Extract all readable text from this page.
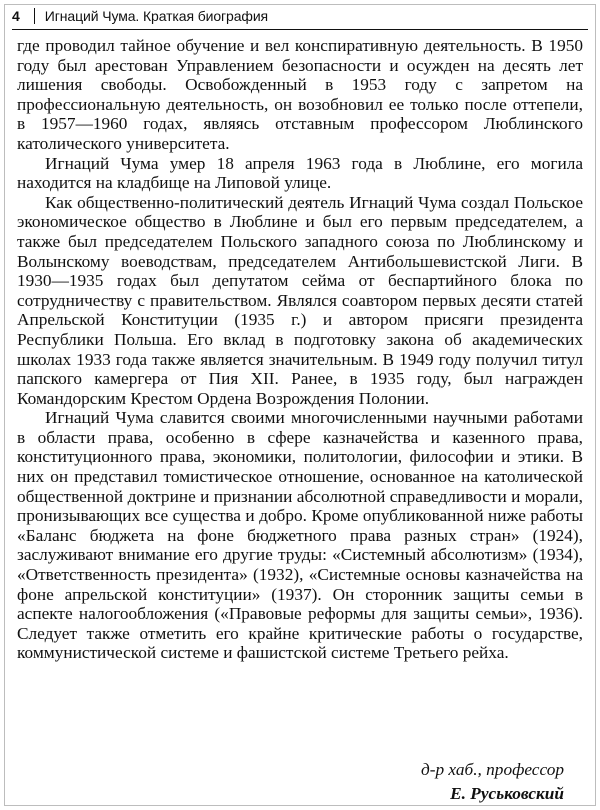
4 Игнаций Чума. Краткая биография

где проводил тайное обучение и вел конспиративную деятельность. В 1950 году был арестован Управлением безопасности и осужден на десять лет лишения свободы. Освобожденный в 1953 году с запретом на профессиональную деятельность, он возобновил ее только после оттепели, в 1957—1960 годах, являясь отставным профессором Люблинского католического университета.

Игнаций Чума умер 18 апреля 1963 года в Люблине, его могила находится на кладбище на Липовой улице.

Как общественно-политический деятель Игнаций Чума создал Польское экономическое общество в Люблине и был его первым председателем, а также был председателем Польского западного союза по Люблинскому и Волынскому воеводствам, председателем Антибольшевистской Лиги. В 1930—1935 годах был депутатом сейма от беспартийного блока по сотрудничеству с правительством. Являлся соавтором первых десяти статей Апрельской Конституции (1935 г.) и автором присяги президента Республики Польша. Его вклад в подготовку закона об академических школах 1933 года также является значительным. В 1949 году получил титул папского камергера от Пия XII. Ранее, в 1935 году, был награжден Командорским Крестом Ордена Возрождения Полонии.

Игнаций Чума славится своими многочисленными научными работами в области права, особенно в сфере казначейства и казенного права, конституционного права, экономики, политологии, философии и этики. В них он представил томистическое отношение, основанное на католической общественной доктрине и признании абсолютной справедливости и морали, пронизывающих все существа и добро. Кроме опубликованной ниже работы «Баланс бюджета на фоне бюджетного права разных стран» (1924), заслуживают внимание его другие труды: «Системный абсолютизм» (1934), «Ответственность президента» (1932), «Системные основы казначейства на фоне апрельской конституции» (1937). Он сторонник защиты семьи в аспекте налогообложения («Правовые реформы для защиты семьи», 1936). Следует также отметить его крайне критические работы о государстве, коммунистической системе и фашистской системе Третьего рейха.

д-р хаб., профессор
Е. Руськовский
